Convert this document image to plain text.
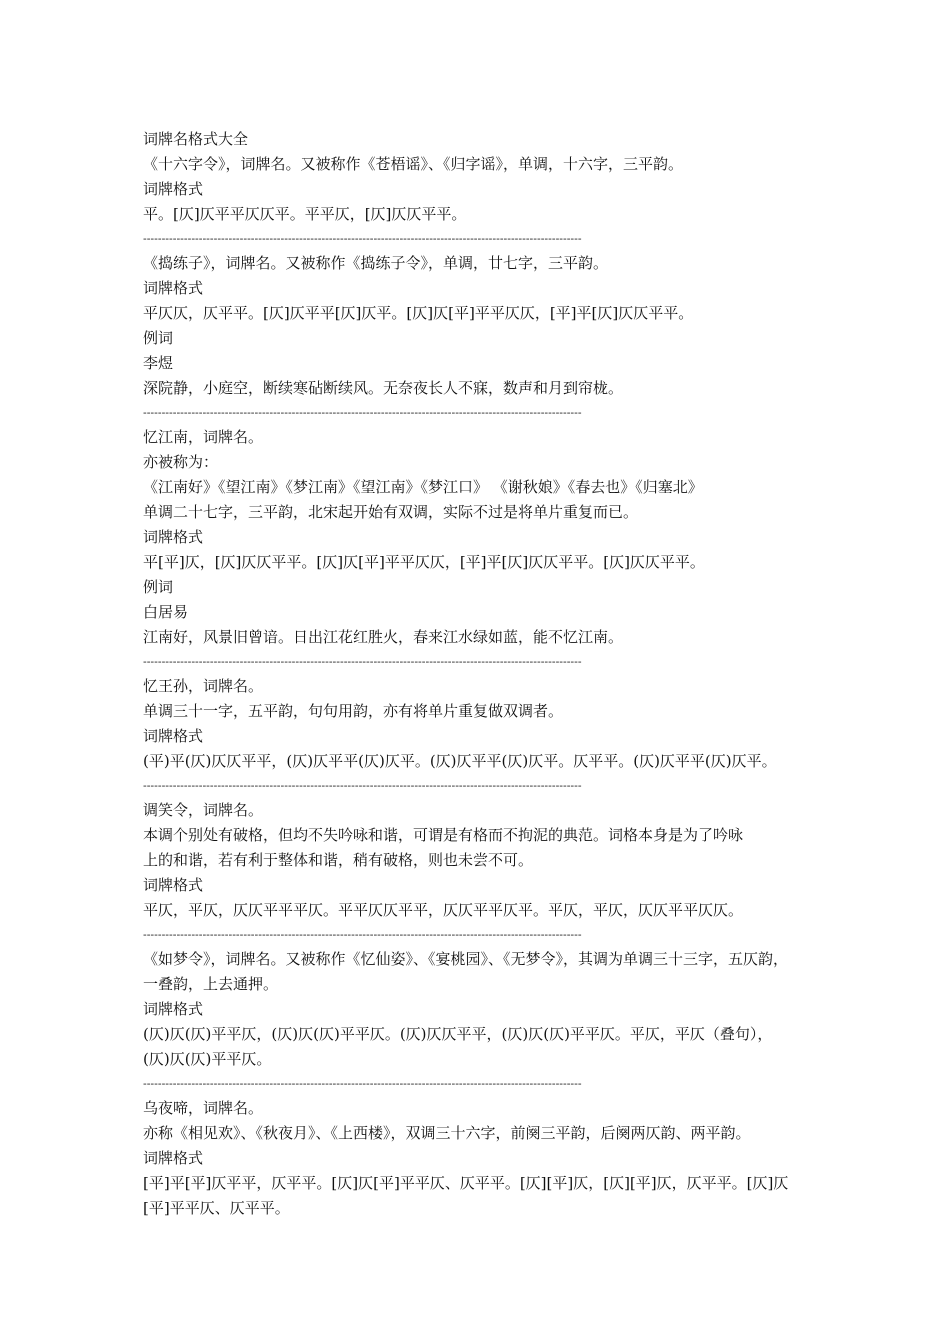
词牌名格式大全
《十六字令》，词牌名。又被称作《苍梧谣》、《归字谣》，单调，十六字，三平韵。
词牌格式
平。[仄]仄平平仄仄平。平平仄，[仄]仄仄平平。
----------------------------------------------------------------------------------------------------------------------
《捣练子》，词牌名。又被称作《捣练子令》，单调，廿七字，三平韵。
词牌格式
平仄仄，仄平平。[仄]仄平平[仄]仄平。[仄]仄[平]平平仄仄，[平]平[仄]仄仄平平。
例词
李煜
深院静，小庭空，断续寒砧断续风。无奈夜长人不寐，数声和月到帘栊。
----------------------------------------------------------------------------------------------------------------------
忆江南，词牌名。
亦被称为：
《江南好》《望江南》《梦江南》《望江南》《梦江口》 《谢秋娘》《春去也》《归塞北》
单调二十七字，三平韵，北宋起开始有双调，实际不过是将单片重复而已。
词牌格式
平[平]仄，[仄]仄仄平平。[仄]仄[平]平平仄仄，[平]平[仄]仄仄平平。[仄]仄仄平平。
例词
白居易
江南好，风景旧曾谙。日出江花红胜火，春来江水绿如蓝，能不忆江南。
----------------------------------------------------------------------------------------------------------------------
忆王孙，词牌名。
单调三十一字，五平韵，句句用韵，亦有将单片重复做双调者。
词牌格式
(平)平(仄)仄仄平平，(仄)仄平平(仄)仄平。(仄)仄平平(仄)仄平。仄平平。(仄)仄平平(仄)仄平。
----------------------------------------------------------------------------------------------------------------------
调笑令，词牌名。
本调个别处有破格，但均不失吟咏和谐，可谓是有格而不拘泥的典范。词格本身是为了吟咏
上的和谐，若有利于整体和谐，稍有破格，则也未尝不可。
词牌格式
平仄，平仄，仄仄平平平仄。平平仄仄平平，仄仄平平仄平。平仄，平仄，仄仄平平仄仄。
----------------------------------------------------------------------------------------------------------------------
《如梦令》，词牌名。又被称作《忆仙姿》、《宴桃园》、《无梦令》，其调为单调三十三字，五仄韵，
一叠韵，上去通押。
词牌格式
(仄)仄(仄)平平仄，(仄)仄(仄)平平仄。(仄)仄仄平平，(仄)仄(仄)平平仄。平仄，平仄（叠句），
(仄)仄(仄)平平仄。
----------------------------------------------------------------------------------------------------------------------
乌夜啼，词牌名。
亦称《相见欢》、《秋夜月》、《上西楼》，双调三十六字，前阕三平韵，后阕两仄韵、两平韵。
词牌格式
[平]平[平]仄平平，仄平平。[仄]仄[平]平平仄、仄平平。[仄][平]仄，[仄][平]仄，仄平平。[仄]仄
[平]平平仄、仄平平。
